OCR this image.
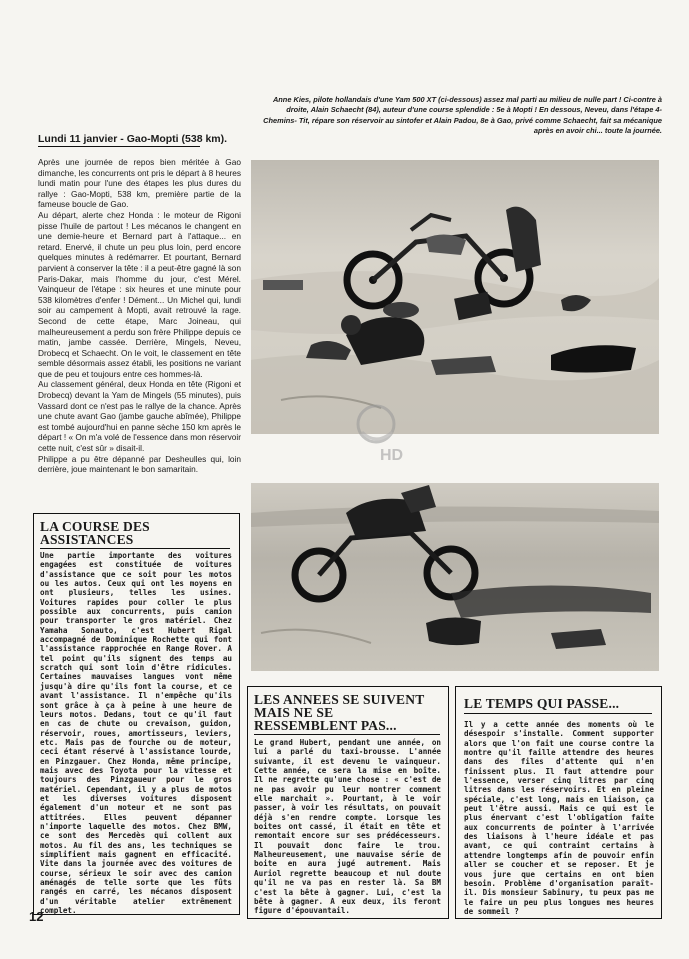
Anne Kies, pilote hollandais d'une Yam 500 XT (ci-dessous) assez mal parti au milieu de nulle part ! Ci-contre à droite, Alain Schaecht (84), auteur d'une course splendide : 5e à Mopti ! En dessous, Neveu, dans l'étape 4-Chemins- Tit, répare son réservoir au sintofer et Alain Padou, 8e à Gao, privé comme Schaecht, fait sa mécanique après en avoir chi... toute la journée.
Lundi 11 janvier - Gao-Mopti (538 km).

Après une journée de repos bien méritée à Gao dimanche, les concurrents ont pris le départ à 8 heures lundi matin pour l'une des étapes les plus dures du rallye : Gao-Mopti, 538 km, première partie de la fameuse boucle de Gao.

Au départ, alerte chez Honda : le moteur de Rigoni pisse l'huile de partout ! Les mécanos le changent en une demie-heure et Bernard part à l'attaque... en retard. Enervé, il chute un peu plus loin, perd encore quelques minutes à redémarrer. Et pourtant, Bernard parvient à conserver la tête : il a peut-être gagné là son Paris-Dakar, mais l'homme du jour, c'est Mérel. Vainqueur de l'étape : six heures et une minute pour 538 kilomètres d'enfer ! Dément... Un Michel qui, lundi soir au campement à Mopti, avait retrouvé la rage. Second de cette étape, Marc Joineau, qui malheureusement a perdu son frère Philippe depuis ce matin, jambe cassée. Derrière, Mingels, Neveu, Drobecq et Schaecht. On le voit, le classement en tête semble désormais assez établi, les positions ne variant que de peu et toujours entre ces hommes-là.

Au classement général, deux Honda en tête (Rigoni et Drobecq) devant la Yam de Mingels (55 minutes), puis Vassard dont ce n'est pas le rallye de la chance. Après une chute avant Gao (jambe gauche abîmée), Philippe est tombé aujourd'hui en panne sèche 150 km après le départ ! « On m'a volé de l'essence dans mon réservoir cette nuit, c'est sûr » disait-il.

Philippe a pu être dépanné par Desheulles qui, loin derrière, joue maintenant le bon samaritain.

HD
LA COURSE DES ASSISTANCES
Une partie importante des voitures engagées est constituée de voitures d'assistance que ce soit pour les motos ou les autos. Ceux qui ont les moyens en ont plusieurs, telles les usines. Voitures rapides pour coller le plus possible aux concurrents, puis camion pour transporter le gros matériel. Chez Yamaha Sonauto, c'est Hubert Rigal accompagné de Dominique Rochette qui font l'assistance rapprochée en Range Rover. A tel point qu'ils signent des temps au scratch qui sont loin d'être ridicules. Certaines mauvaises langues vont même jusqu'à dire qu'ils font la course, et ce avant l'assistance. Il n'empêche qu'ils sont grâce à ça à peine à une heure de leurs motos. Dedans, tout ce qu'il faut en cas de chute ou crevaison, guidon, réservoir, roues, amortisseurs, leviers, etc. Mais pas de fourche ou de moteur, ceci étant réservé à l'assistance lourde, en Pinzgauer. Chez Honda, même principe, mais avec des Toyota pour la vitesse et toujours des Pinzgaueur pour le gros matériel. Cependant, il y a plus de motos et les diverses voitures disposent également d'un moteur et ne sont pas attitrées. Elles peuvent dépanner n'importe laquelle des motos. Chez BMW, ce sont des Mercedès qui collent aux motos. Au fil des ans, les techniques se simplifient mais gagnent en efficacité. Vite dans la journée avec des voitures de course, sérieux le soir avec des camion aménagés de telle sorte que les fûts rangés en carré, les mécanos disposent d'un véritable atelier extrêmement complet.
LES ANNEES SE SUIVENT MAIS NE SE RESSEMBLENT PAS...
Le grand Hubert, pendant une année, on lui a parlé du taxi-brousse. L'année suivante, il est devenu le vainqueur. Cette année, ce sera la mise en boîte. Il ne regrette qu'une chose : « c'est de ne pas avoir pu leur montrer comment elle marchait ». Pourtant, à le voir passer, à voir les résultats, on pouvait déjà s'en rendre compte. Lorsque les boites ont cassé, il était en tête et remontait encore sur ses prédécesseurs. Il pouvait donc faire le trou. Malheureusement, une mauvaise série de boite en aura jugé autrement. Mais Auriol regrette beaucoup et nul doute qu'il ne va pas en rester là. Sa BM c'est la bête à gagner. Lui, c'est la bête à gagner. A eux deux, ils feront figure d'épouvantail.
LE TEMPS QUI PASSE...
Il y a cette année des moments où le désespoir s'installe. Comment supporter alors que l'on fait une course contre la montre qu'il faille attendre des heures dans des files d'attente qui n'en finissent plus. Il faut attendre pour l'essence, verser cinq litres par cinq litres dans les réservoirs. Et en pleine spéciale, c'est long, mais en liaison, ça peut l'être aussi. Mais ce qui est le plus énervant c'est l'obligation faite aux concurrents de pointer à l'arrivée des liaisons à l'heure idéale et pas avant, ce qui contraint certains à attendre longtemps afin de pouvoir enfin aller se coucher et se reposer. Et je vous jure que certains en ont bien besoin. Problème d'organisation paraît-il. Dis monsieur Sabinury, tu peux pas me le faire un peu plus longues mes heures de sommeil ?
12
